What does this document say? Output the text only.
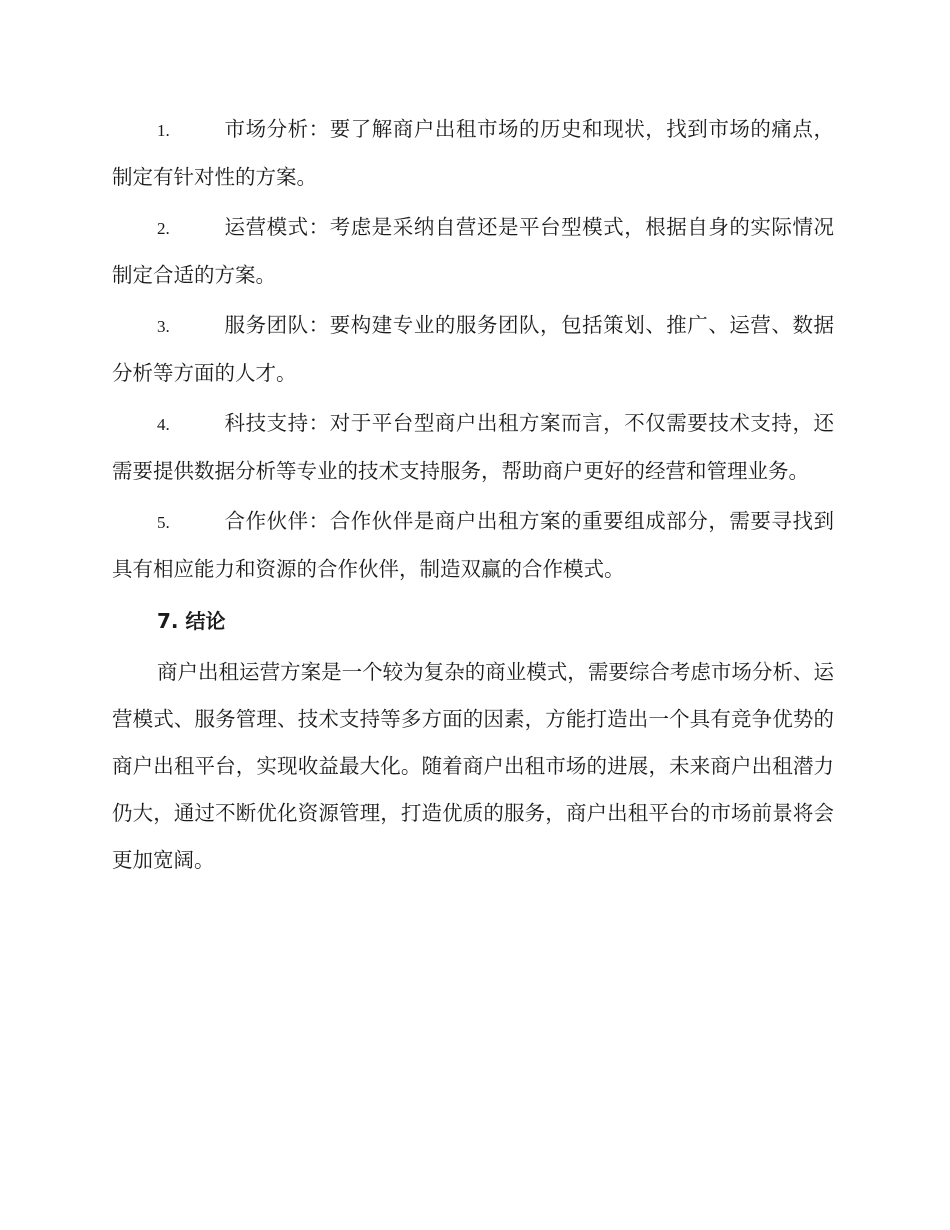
1.	市场分析：要了解商户出租市场的历史和现状，找到市场的痛点，制定有针对性的方案。
2.	运营模式：考虑是采纳自营还是平台型模式，根据自身的实际情况制定合适的方案。
3.	服务团队：要构建专业的服务团队，包括策划、推广、运营、数据分析等方面的人才。
4.	科技支持：对于平台型商户出租方案而言，不仅需要技术支持，还需要提供数据分析等专业的技术支持服务，帮助商户更好的经营和管理业务。
5.	合作伙伴：合作伙伴是商户出租方案的重要组成部分，需要寻找到具有相应能力和资源的合作伙伴，制造双赢的合作模式。
7. 结论

商户出租运营方案是一个较为复杂的商业模式，需要综合考虑市场分析、运营模式、服务管理、技术支持等多方面的因素，方能打造出一个具有竞争优势的商户出租平台，实现收益最大化。随着商户出租市场的进展，未来商户出租潜力仍大，通过不断优化资源管理，打造优质的服务，商户出租平台的市场前景将会更加宽阔。
